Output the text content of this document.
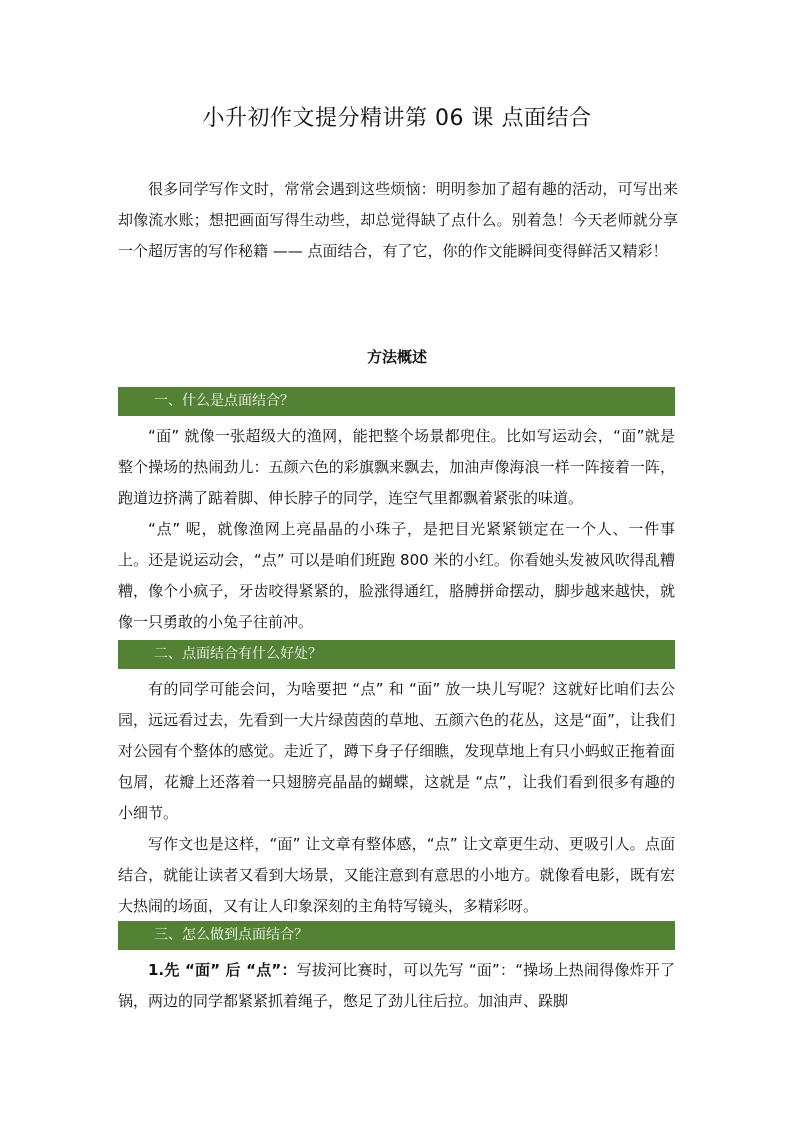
小升初作文提分精讲第 06 课 点面结合
很多同学写作文时，常常会遇到这些烦恼：明明参加了超有趣的活动，可写出来却像流水账；想把画面写得生动些，却总觉得缺了点什么。别着急！今天老师就分享一个超厉害的写作秘籍 —— 点面结合，有了它，你的作文能瞬间变得鲜活又精彩！
方法概述
一、什么是点面结合？
“面” 就像一张超级大的渔网，能把整个场景都兜住。比如写运动会，“面”就是整个操场的热闹劲儿：五颜六色的彩旗飘来飘去，加油声像海浪一样一阵接着一阵，跑道边挤满了踮着脚、伸长脖子的同学，连空气里都飘着紧张的味道。
“点” 呢，就像渔网上亮晶晶的小珠子，是把目光紧紧锁定在一个人、一件事上。还是说运动会，“点” 可以是咱们班跑 800 米的小红。你看她头发被风吹得乱糟糟，像个小疯子，牙齿咬得紧紧的，脸涨得通红，胳膊拼命摆动，脚步越来越快，就像一只勇敢的小兔子往前冲。
二、点面结合有什么好处？
有的同学可能会问，为啥要把 “点” 和 “面” 放一块儿写呢？这就好比咱们去公园，远远看过去，先看到一大片绿茵茵的草地、五颜六色的花丛，这是“面”，让我们对公园有个整体的感觉。走近了，蹲下身子仔细瞧，发现草地上有只小蚂蚁正拖着面包屑，花瓣上还落着一只翅膀亮晶晶的蝴蝶，这就是 “点”，让我们看到很多有趣的小细节。
写作文也是这样，“面” 让文章有整体感，“点” 让文章更生动、更吸引人。点面结合，就能让读者又看到大场景，又能注意到有意思的小地方。就像看电影，既有宏大热闹的场面，又有让人印象深刻的主角特写镜头，多精彩呀。
三、怎么做到点面结合？
1.先 “面” 后 “点”：写拔河比赛时，可以先写 “面”：“操场上热闹得像炸开了锅，两边的同学都紧紧抓着绳子，憋足了劲儿往后拉。加油声、跺脚
